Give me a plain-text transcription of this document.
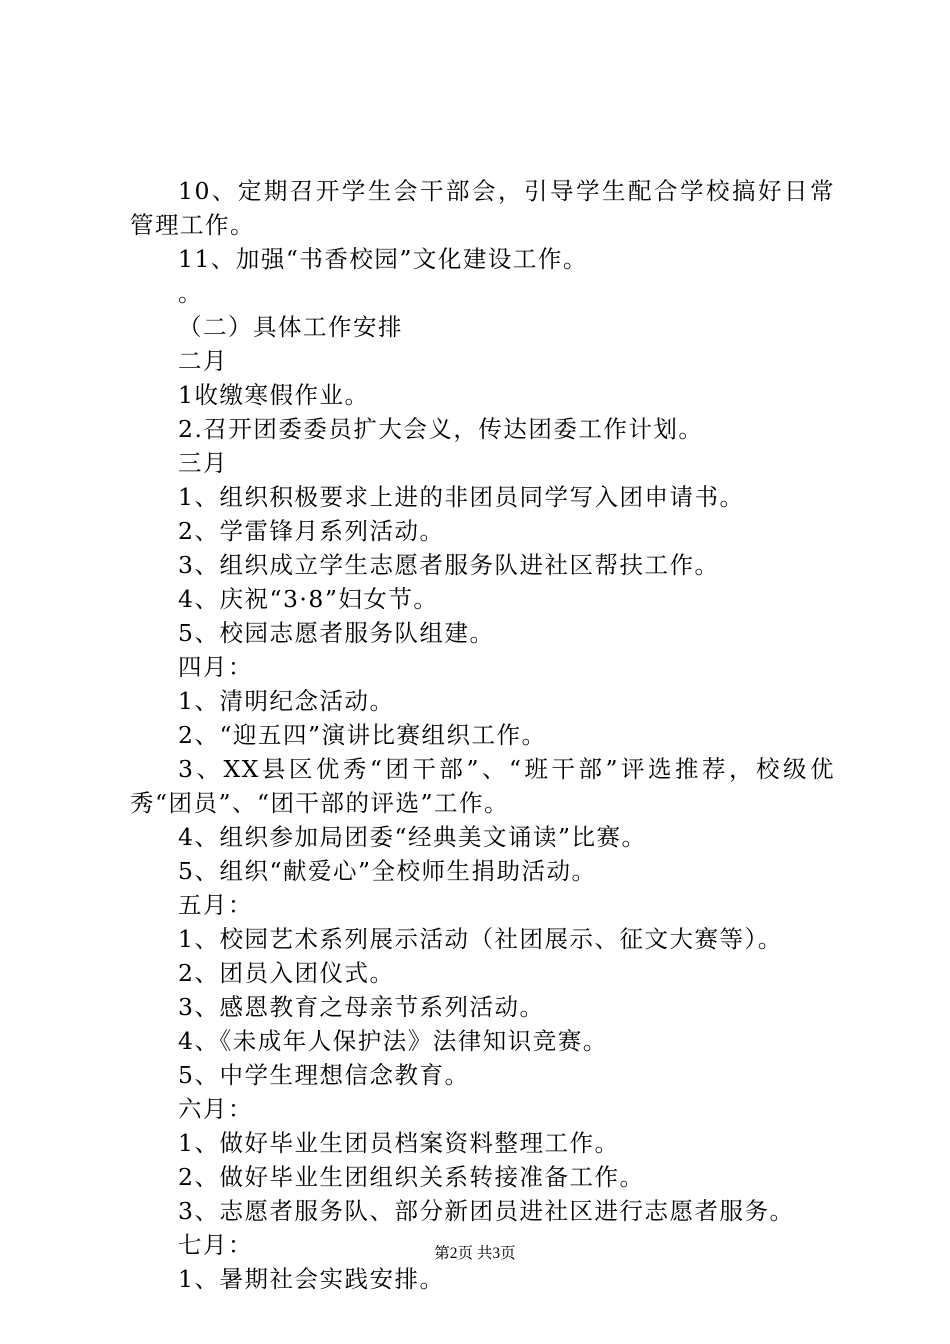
10、定期召开学生会干部会，引导学生配合学校搞好日常管理工作。
11、加强“书香校园”文化建设工作。
。
（二）具体工作安排
二月
1收缴寒假作业。
2.召开团委委员扩大会义，传达团委工作计划。
三月
1、组织积极要求上进的非团员同学写入团申请书。
2、学雷锋月系列活动。
3、组织成立学生志愿者服务队进社区帮扶工作。
4、庆祝“3·8”妇女节。
5、校园志愿者服务队组建。
四月：
1、清明纪念活动。
2、“迎五四”演讲比赛组织工作。
3、XX县区优秀“团干部”、“班干部”评选推荐，校级优秀“团员”、“团干部的评选”工作。
4、组织参加局团委“经典美文诵读”比赛。
5、组织“献爱心”全校师生捐助活动。
五月：
1、校园艺术系列展示活动（社团展示、征文大赛等）。
2、团员入团仪式。
3、感恩教育之母亲节系列活动。
4、《未成年人保护法》法律知识竞赛。
5、中学生理想信念教育。
六月：
1、做好毕业生团员档案资料整理工作。
2、做好毕业生团组织关系转接准备工作。
3、志愿者服务队、部分新团员进社区进行志愿者服务。
七月：
1、暑期社会实践安排。
第2页 共3页
